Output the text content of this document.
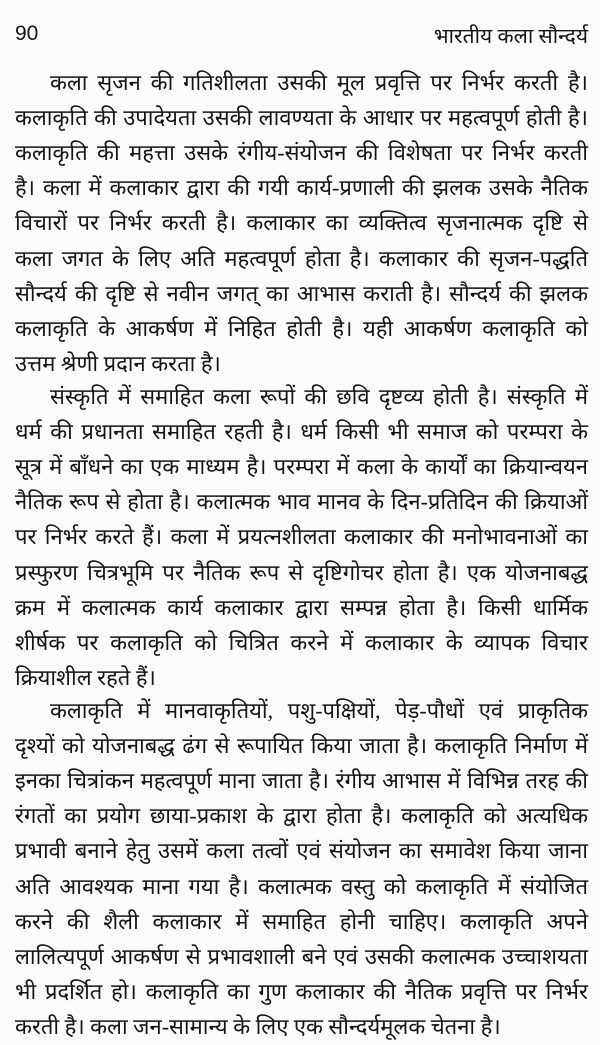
90	भारतीय कला सौन्दर्य
कला सृजन की गतिशीलता उसकी मूल प्रवृत्ति पर निर्भर करती है।
कलाकृति की उपादेयता उसकी लावण्यता के आधार पर महत्वपूर्ण होती है।
कलाकृति की महत्ता उसके रंगीय-संयोजन की विशेषता पर निर्भर करती
है। कला में कलाकार द्वारा की गयी कार्य-प्रणाली की झलक उसके नैतिक
विचारों पर निर्भर करती है। कलाकार का व्यक्तित्व सृजनात्मक दृष्टि से
कला जगत के लिए अति महत्वपूर्ण होता है। कलाकार की सृजन-पद्धति
सौन्दर्य की दृष्टि से नवीन जगत् का आभास कराती है। सौन्दर्य की झलक
कलाकृति के आकर्षण में निहित होती है। यही आकर्षण कलाकृति को
उत्तम श्रेणी प्रदान करता है।
संस्कृति में समाहित कला रूपों की छवि दृष्टव्य होती है। संस्कृति में
धर्म की प्रधानता समाहित रहती है। धर्म किसी भी समाज को परम्परा के
सूत्र में बाँधने का एक माध्यम है। परम्परा में कला के कार्यों का क्रियान्वयन
नैतिक रूप से होता है। कलात्मक भाव मानव के दिन-प्रतिदिन की क्रियाओं
पर निर्भर करते हैं। कला में प्रयत्नशीलता कलाकार की मनोभावनाओं का
प्रस्फुरण चित्रभूमि पर नैतिक रूप से दृष्टिगोचर होता है। एक योजनाबद्ध
क्रम में कलात्मक कार्य कलाकार द्वारा सम्पन्न होता है। किसी धार्मिक
शीर्षक पर कलाकृति को चित्रित करने में कलाकार के व्यापक विचार
क्रियाशील रहते हैं।
कलाकृति में मानवाकृतियों, पशु-पक्षियों, पेड़-पौधों एवं प्राकृतिक
दृश्यों को योजनाबद्ध ढंग से रूपायित किया जाता है। कलाकृति निर्माण में
इनका चित्रांकन महत्वपूर्ण माना जाता है। रंगीय आभास में विभिन्न तरह की
रंगतों का प्रयोग छाया-प्रकाश के द्वारा होता है। कलाकृति को अत्यधिक
प्रभावी बनाने हेतु उसमें कला तत्वों एवं संयोजन का समावेश किया जाना
अति आवश्यक माना गया है। कलात्मक वस्तु को कलाकृति में संयोजित
करने की शैली कलाकार में समाहित होनी चाहिए। कलाकृति अपने
लालित्यपूर्ण आकर्षण से प्रभावशाली बने एवं उसकी कलात्मक उच्चाशयता
भी प्रदर्शित हो। कलाकृति का गुण कलाकार की नैतिक प्रवृत्ति पर निर्भर
करती है। कला जन-सामान्य के लिए एक सौन्दर्यमूलक चेतना है।
